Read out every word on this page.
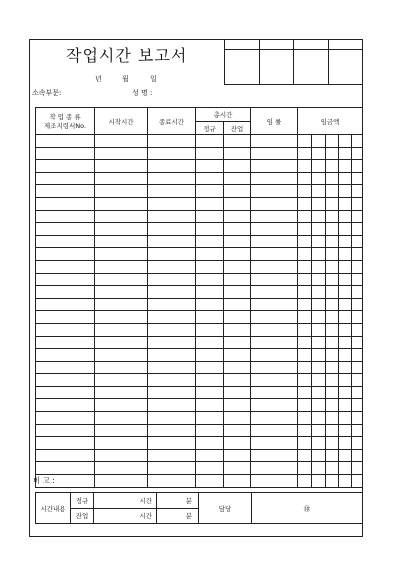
작업시간 보고서

년	월	일
소속부문:	성 명 :
작 업 종 류
제조지령서No.	시작시간	종료시간	총시간		임 률	임금액				
			정규	잔업						

시간내용	정규	시간	분	담당	㊞
	잔업	시간	분		
비 고 :
